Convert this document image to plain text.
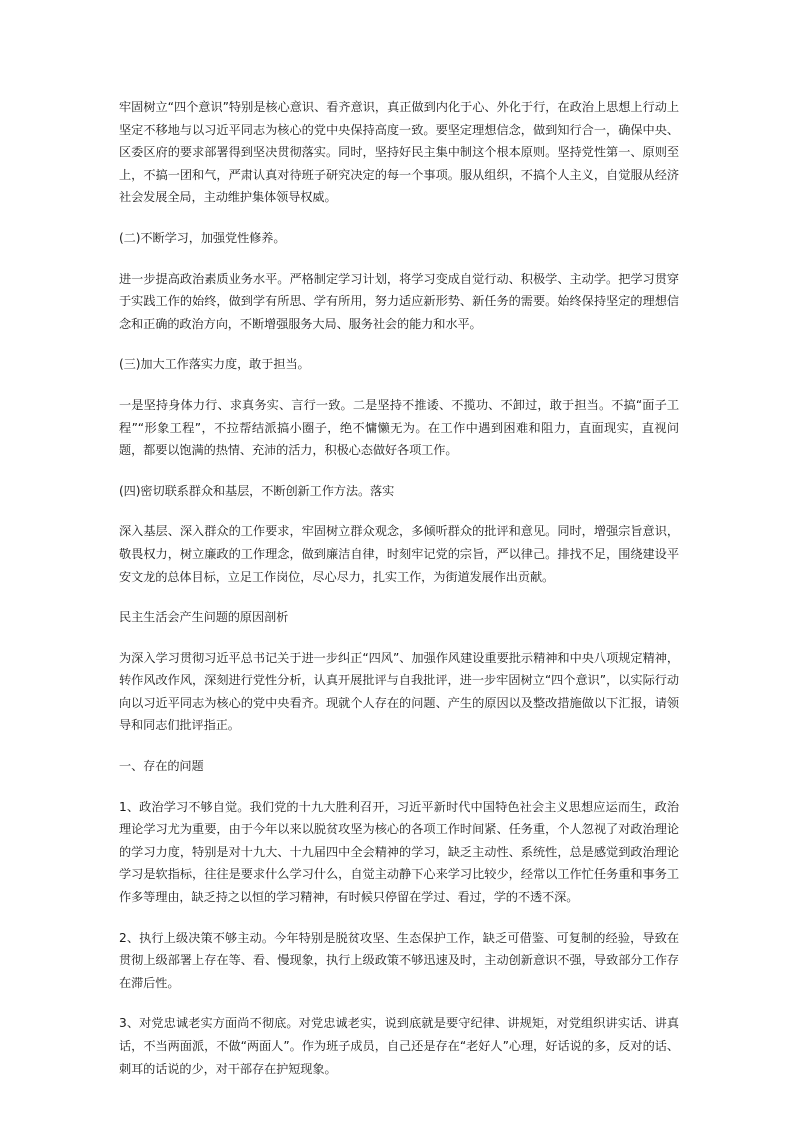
牢固树立“四个意识”特别是核心意识、看齐意识，真正做到内化于心、外化于行，在政治上思想上行动上坚定不移地与以习近平同志为核心的党中央保持高度一致。要坚定理想信念，做到知行合一，确保中央、区委区府的要求部署得到坚决贯彻落实。同时，坚持好民主集中制这个根本原则。坚持党性第一、原则至上，不搞一团和气，严肃认真对待班子研究决定的每一个事项。服从组织，不搞个人主义，自觉服从经济社会发展全局，主动维护集体领导权威。

(二)不断学习，加强党性修养。

进一步提高政治素质业务水平。严格制定学习计划，将学习变成自觉行动、积极学、主动学。把学习贯穿于实践工作的始终，做到学有所思、学有所用，努力适应新形势、新任务的需要。始终保持坚定的理想信念和正确的政治方向，不断增强服务大局、服务社会的能力和水平。

(三)加大工作落实力度，敢于担当。

一是坚持身体力行、求真务实、言行一致。二是坚持不推诿、不揽功、不卸过，敢于担当。不搞“面子工程”“形象工程”，不拉帮结派搞小圈子，绝不慵懒无为。在工作中遇到困难和阻力，直面现实，直视问题，都要以饱满的热情、充沛的活力，积极心态做好各项工作。

(四)密切联系群众和基层，不断创新工作方法。落实

深入基层、深入群众的工作要求，牢固树立群众观念，多倾听群众的批评和意见。同时，增强宗旨意识，敬畏权力，树立廉政的工作理念，做到廉洁自律，时刻牢记党的宗旨，严以律己。排找不足，围绕建设平安文龙的总体目标，立足工作岗位，尽心尽力，扎实工作，为街道发展作出贡献。

民主生活会产生问题的原因剖析

为深入学习贯彻习近平总书记关于进一步纠正“四风”、加强作风建设重要批示精神和中央八项规定精神，转作风改作风，深刻进行党性分析，认真开展批评与自我批评，进一步牢固树立“四个意识”，以实际行动向以习近平同志为核心的党中央看齐。现就个人存在的问题、产生的原因以及整改措施做以下汇报，请领导和同志们批评指正。

一、存在的问题

1、政治学习不够自觉。我们党的十九大胜利召开，习近平新时代中国特色社会主义思想应运而生，政治理论学习尤为重要，由于今年以来以脱贫攻坚为核心的各项工作时间紧、任务重，个人忽视了对政治理论的学习力度，特别是对十九大、十九届四中全会精神的学习，缺乏主动性、系统性，总是感觉到政治理论学习是软指标，往往是要求什么学习什么，自觉主动静下心来学习比较少，经常以工作忙任务重和事务工作多等理由，缺乏持之以恒的学习精神，有时候只停留在学过、看过，学的不透不深。

2、执行上级决策不够主动。今年特别是脱贫攻坚、生态保护工作，缺乏可借鉴、可复制的经验，导致在贯彻上级部署上存在等、看、慢现象，执行上级政策不够迅速及时，主动创新意识不强，导致部分工作存在滞后性。

3、对党忠诚老实方面尚不彻底。对党忠诚老实，说到底就是要守纪律、讲规矩，对党组织讲实话、讲真话，不当两面派，不做“两面人”。作为班子成员，自己还是存在“老好人”心理，好话说的多，反对的话、刺耳的话说的少，对干部存在护短现象。
